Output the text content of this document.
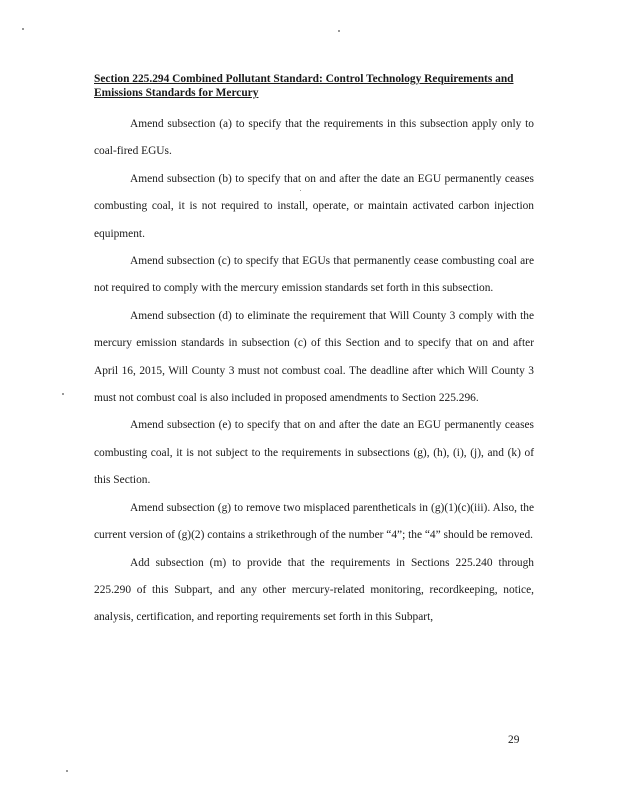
Section 225.294 Combined Pollutant Standard: Control Technology Requirements and Emissions Standards for Mercury

Amend subsection (a) to specify that the requirements in this subsection apply only to coal-fired EGUs.

Amend subsection (b) to specify that on and after the date an EGU permanently ceases combusting coal, it is not required to install, operate, or maintain activated carbon injection equipment.

Amend subsection (c) to specify that EGUs that permanently cease combusting coal are not required to comply with the mercury emission standards set forth in this subsection.

Amend subsection (d) to eliminate the requirement that Will County 3 comply with the mercury emission standards in subsection (c) of this Section and to specify that on and after April 16, 2015, Will County 3 must not combust coal. The deadline after which Will County 3 must not combust coal is also included in proposed amendments to Section 225.296.

Amend subsection (e) to specify that on and after the date an EGU permanently ceases combusting coal, it is not subject to the requirements in subsections (g), (h), (i), (j), and (k) of this Section.

Amend subsection (g) to remove two misplaced parentheticals in (g)(1)(c)(iii). Also, the current version of (g)(2) contains a strikethrough of the number “4”; the “4” should be removed.

Add subsection (m) to provide that the requirements in Sections 225.240 through 225.290 of this Subpart, and any other mercury-related monitoring, recordkeeping, notice, analysis, certification, and reporting requirements set forth in this Subpart,

29
